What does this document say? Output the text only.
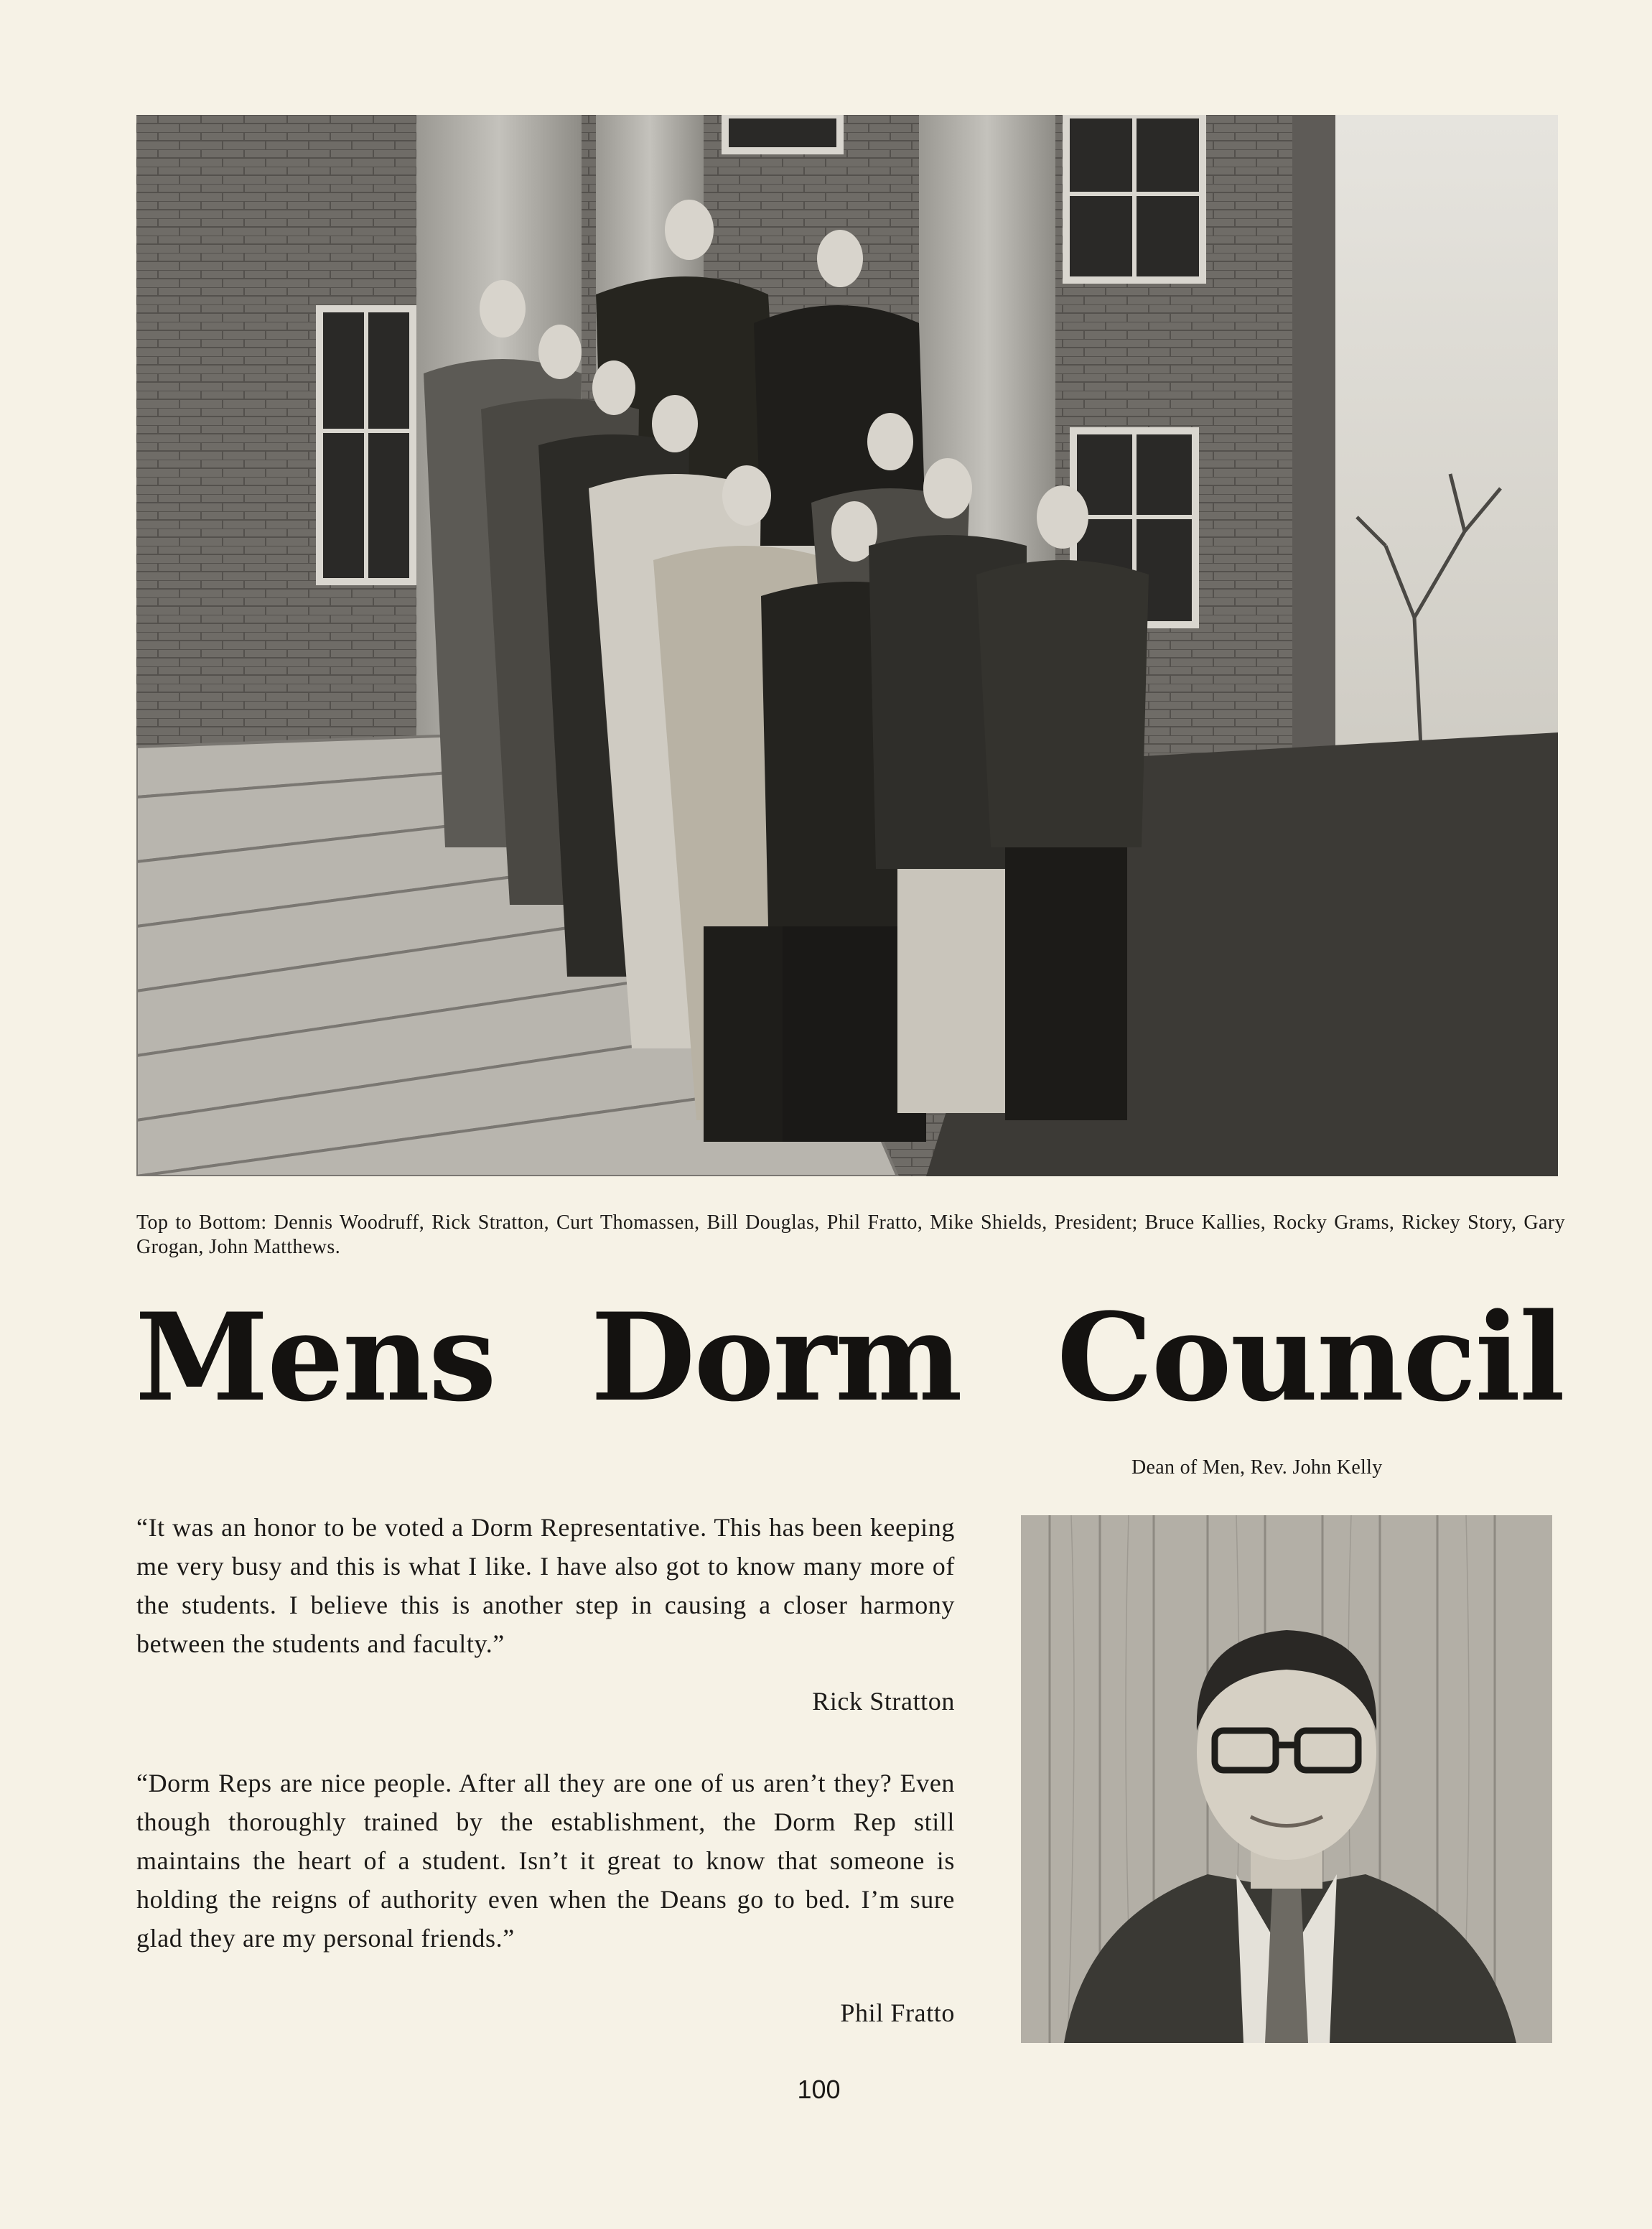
Top to Bottom: Dennis Woodruff, Rick Stratton, Curt Thomassen, Bill Douglas, Phil Fratto, Mike Shields, President; Bruce Kallies, Rocky Grams, Rickey Story, Gary Grogan, John Matthews.
Mens Dorm Council
Dean of Men, Rev. John Kelly

“It was an honor to be voted a Dorm Representative. This has been keeping me very busy and this is what I like. I have also got to know many more of the students. I believe this is another step in causing a closer harmony between the students and faculty.”

Rick Stratton

“Dorm Reps are nice people. After all they are one of us aren’t they? Even though thoroughly trained by the establishment, the Dorm Rep still maintains the heart of a student. Isn’t it great to know that someone is holding the reigns of authority even when the Deans go to bed. I’m sure glad they are my personal friends.”

Phil Fratto

100
